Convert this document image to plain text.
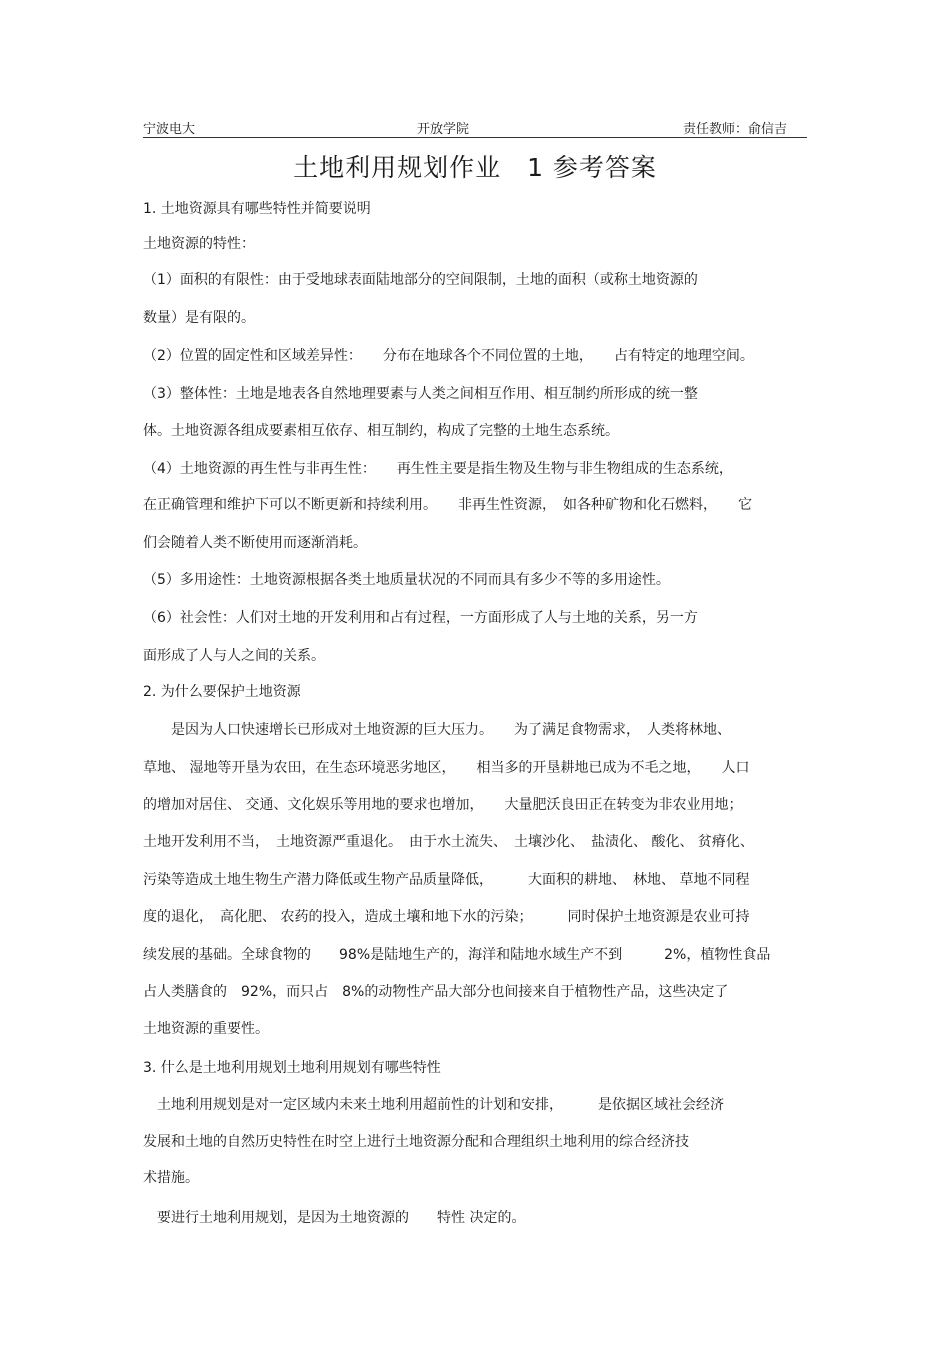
宁波电大	开放学院	责任教师：俞信吉
土地利用规划作业　1 参考答案
1. 土地资源具有哪些特性并简要说明
土地资源的特性：
（1）面积的有限性：由于受地球表面陆地部分的空间限制，土地的面积（或称土地资源的
数量）是有限的。
（2）位置的固定性和区域差异性：　　分布在地球各个不同位置的土地，　　占有特定的地理空间。
（3）整体性：土地是地表各自然地理要素与人类之间相互作用、相互制约所形成的统一整
体。土地资源各组成要素相互依存、相互制约，构成了完整的土地生态系统。
（4）土地资源的再生性与非再生性：　　再生性主要是指生物及生物与非生物组成的生态系统，
在正确管理和维护下可以不断更新和持续利用。　　非再生性资源，　如各种矿物和化石燃料，　　它
们会随着人类不断使用而逐渐消耗。
（5）多用途性：土地资源根据各类土地质量状况的不同而具有多少不等的多用途性。
（6）社会性：人们对土地的开发利用和占有过程，一方面形成了人与土地的关系，另一方
面形成了人与人之间的关系。
2. 为什么要保护土地资源
　　是因为人口快速增长已形成对土地资源的巨大压力。　　为了满足食物需求，　人类将林地、
草地、 湿地等开垦为农田，在生态环境恶劣地区，　　相当多的开垦耕地已成为不毛之地，　　人口
的增加对居住、 交通、文化娱乐等用地的要求也增加，　　大量肥沃良田正在转变为非农业用地；
土地开发利用不当，　土地资源严重退化。　由于水土流失、　土壤沙化、　盐渍化、 酸化、 贫瘠化、
污染等造成土地生物生产潜力降低或生物产品质量降低，　　　大面积的耕地、　林地、 草地不同程
度的退化，　高化肥、 农药的投入，造成土壤和地下水的污染；　　　同时保护土地资源是农业可持
续发展的基础。全球食物的　　98%是陆地生产的，海洋和陆地水域生产不到　　　2%，植物性食品
占人类膳食的　92%，而只占　8%的动物性产品大部分也间接来自于植物性产品，这些决定了
土地资源的重要性。
3. 什么是土地利用规划土地利用规划有哪些特性
　土地利用规划是对一定区域内未来土地利用超前性的计划和安排，　　　是依据区域社会经济
发展和土地的自然历史特性在时空上进行土地资源分配和合理组织土地利用的综合经济技
术措施。
　要进行土地利用规划，是因为土地资源的　　特性 决定的。
